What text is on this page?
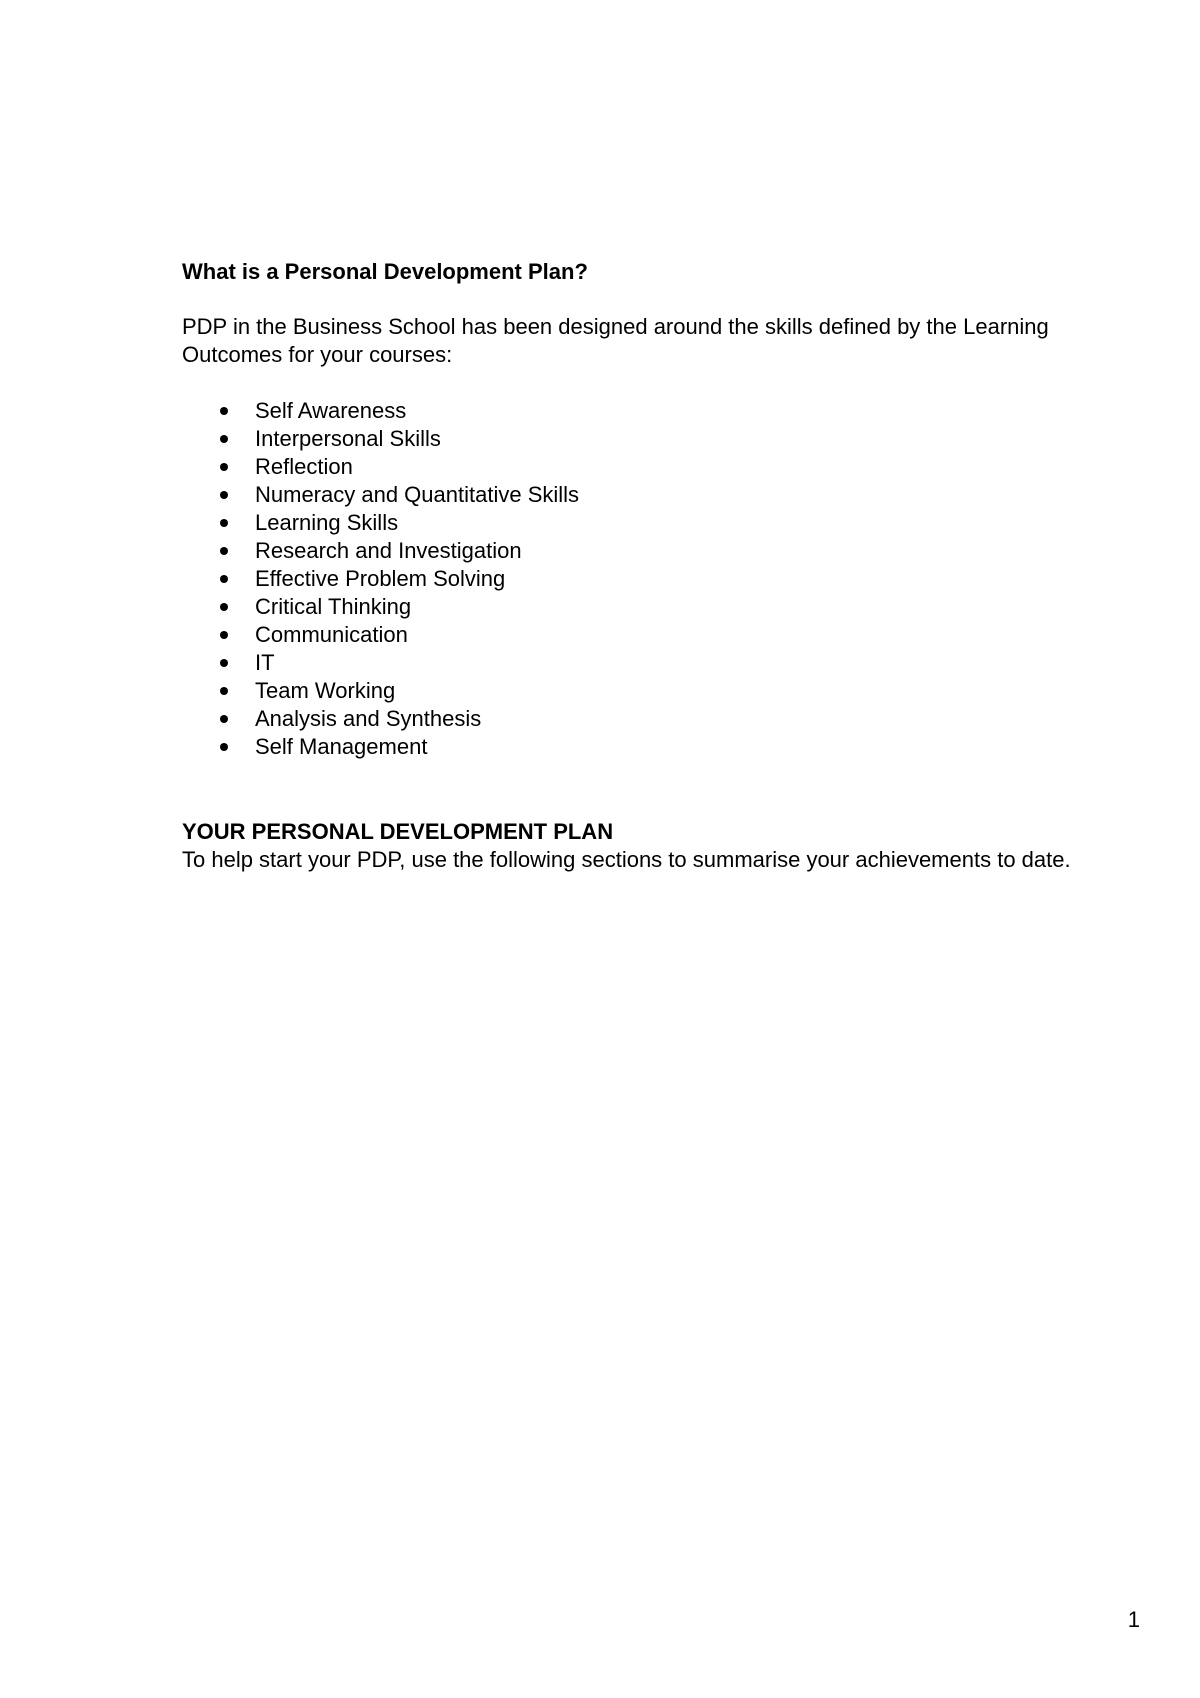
What is a Personal Development Plan?

PDP in the Business School has been designed around the skills defined by the Learning Outcomes for your courses:

Self Awareness
Interpersonal Skills
Reflection
Numeracy and Quantitative Skills
Learning Skills
Research and Investigation
Effective Problem Solving
Critical Thinking
Communication
IT
Team Working
Analysis and Synthesis
Self Management
YOUR PERSONAL DEVELOPMENT PLAN

To help start your PDP, use the following sections to summarise your achievements to date.

1
